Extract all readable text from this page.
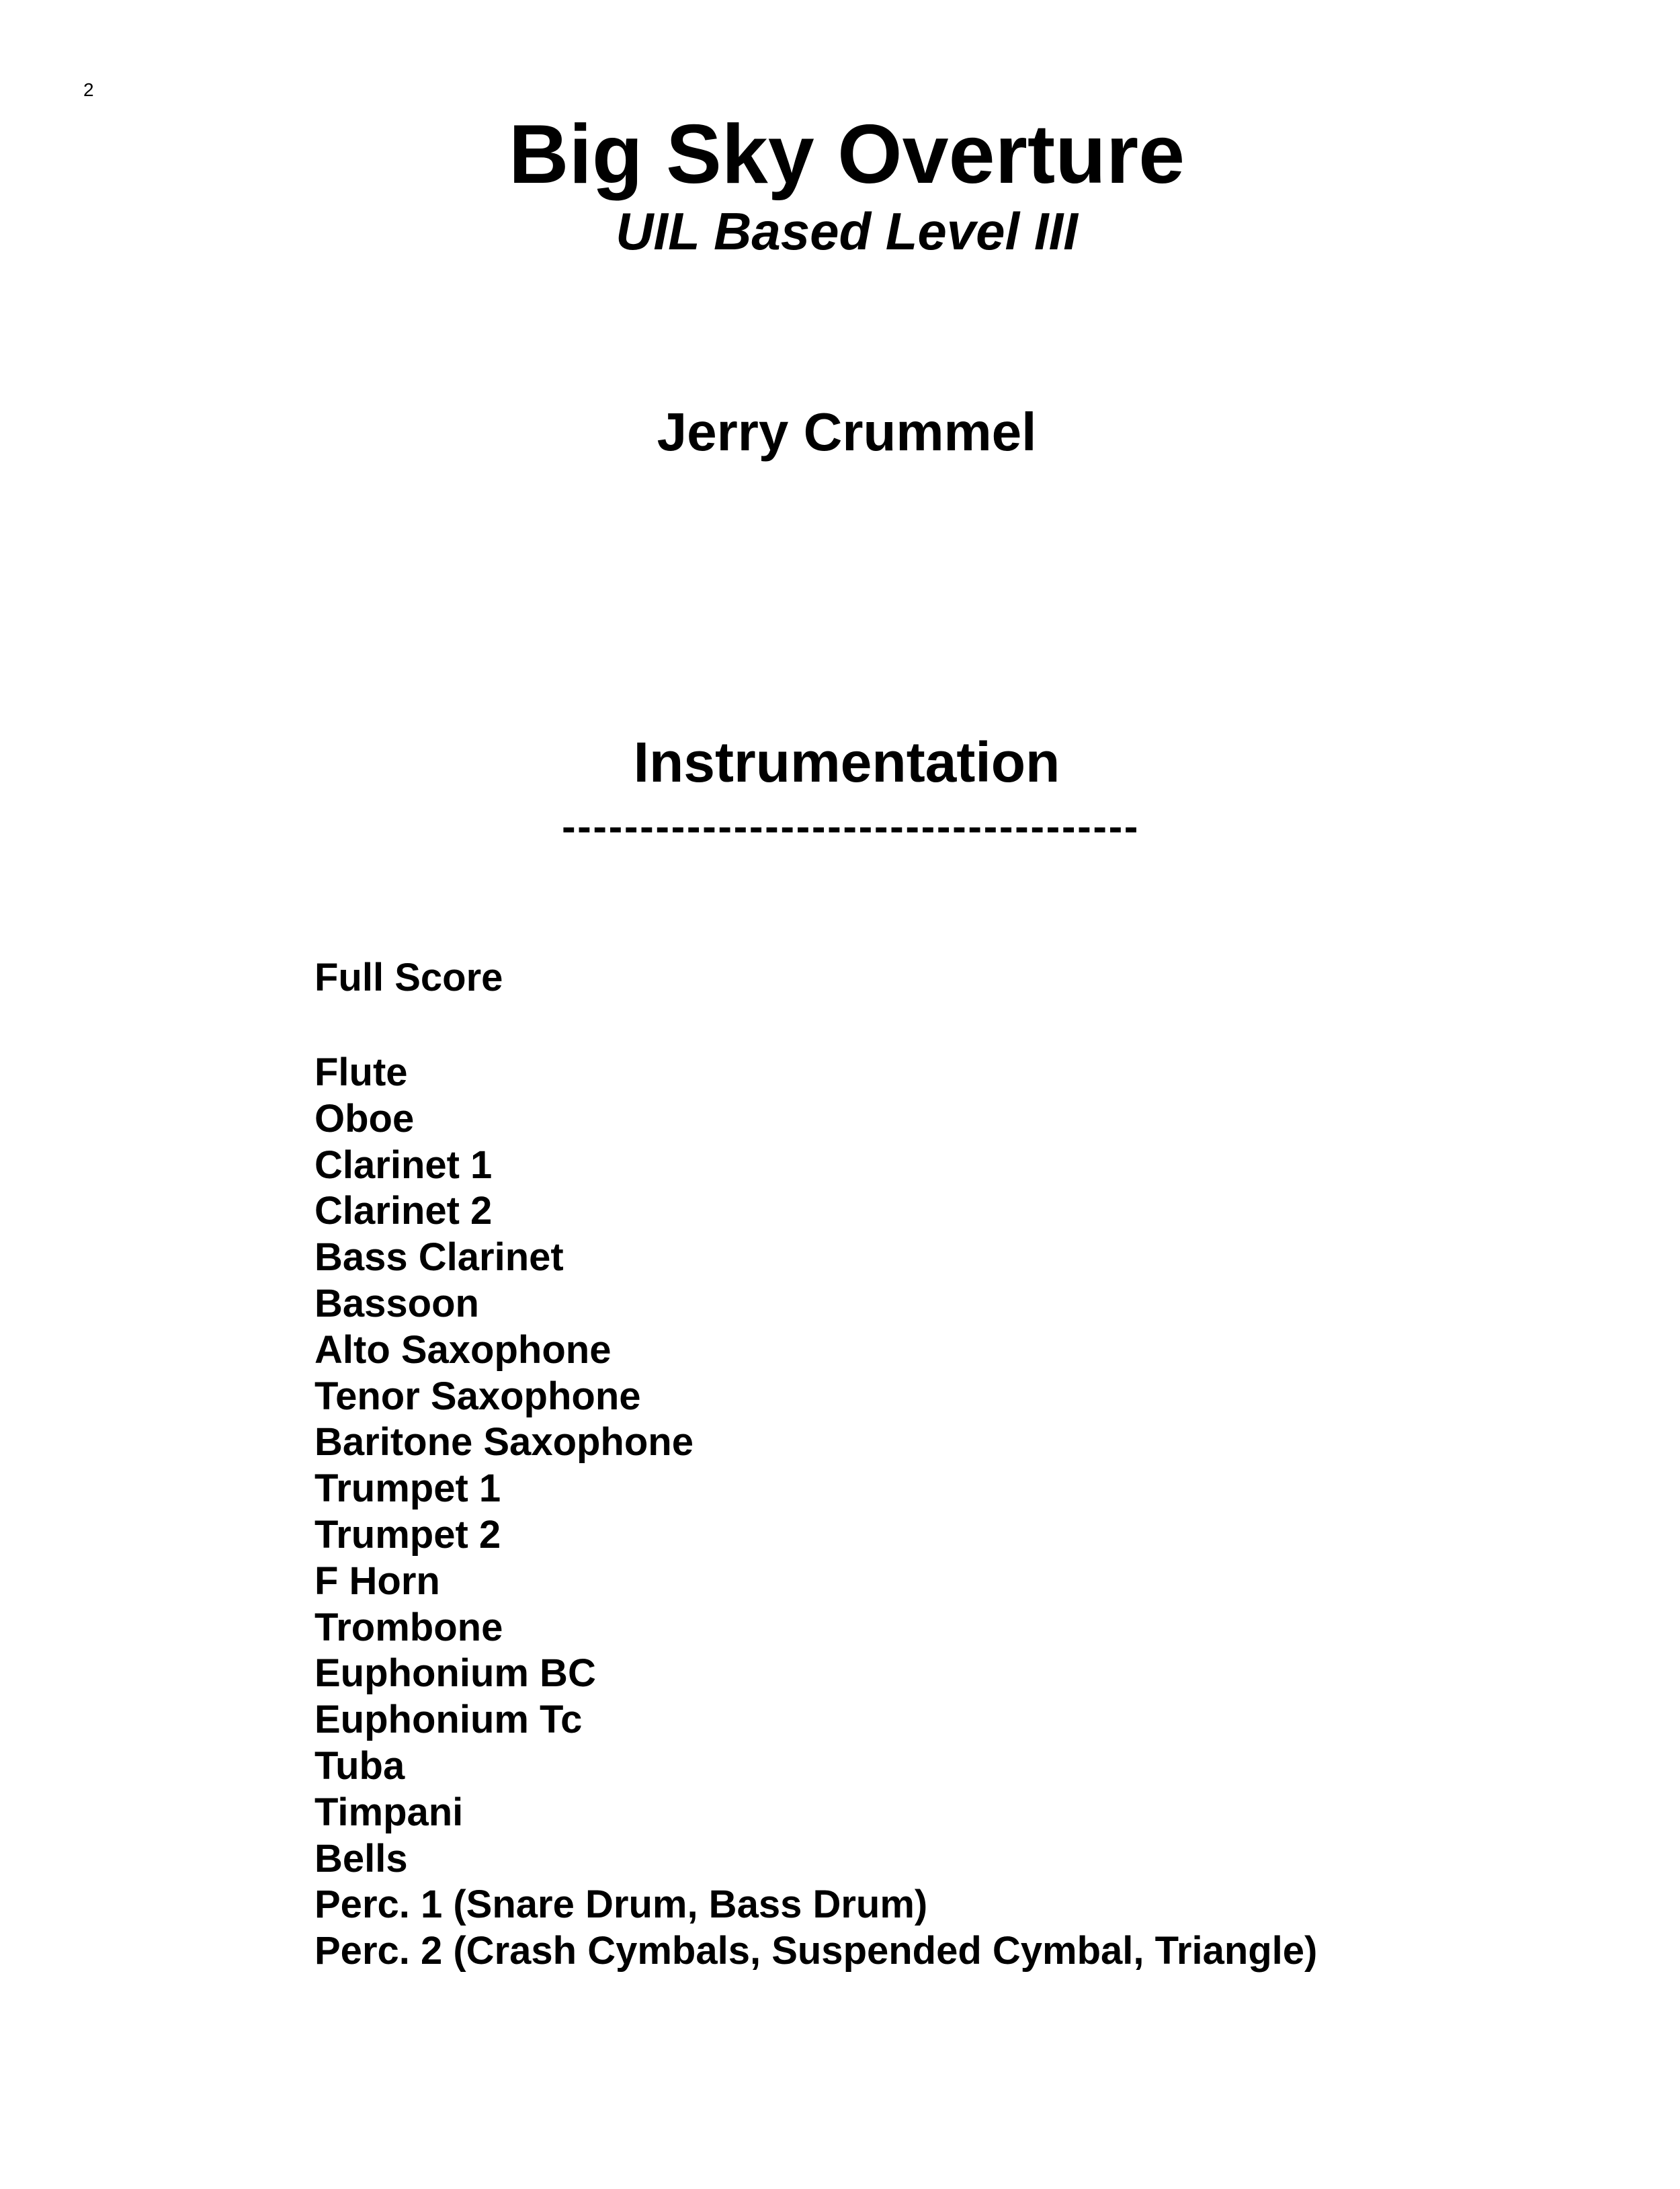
2
Big Sky Overture
UIL Based Level III
Jerry Crummel
Instrumentation
-------------------------------------
Full Score
Flute
Oboe
Clarinet 1
Clarinet 2
Bass Clarinet
Bassoon
Alto Saxophone
Tenor Saxophone
Baritone Saxophone
Trumpet 1
Trumpet 2
F Horn
Trombone
Euphonium BC
Euphonium Tc
Tuba
Timpani
Bells
Perc. 1 (Snare Drum, Bass Drum)
Perc. 2 (Crash Cymbals, Suspended Cymbal, Triangle)
